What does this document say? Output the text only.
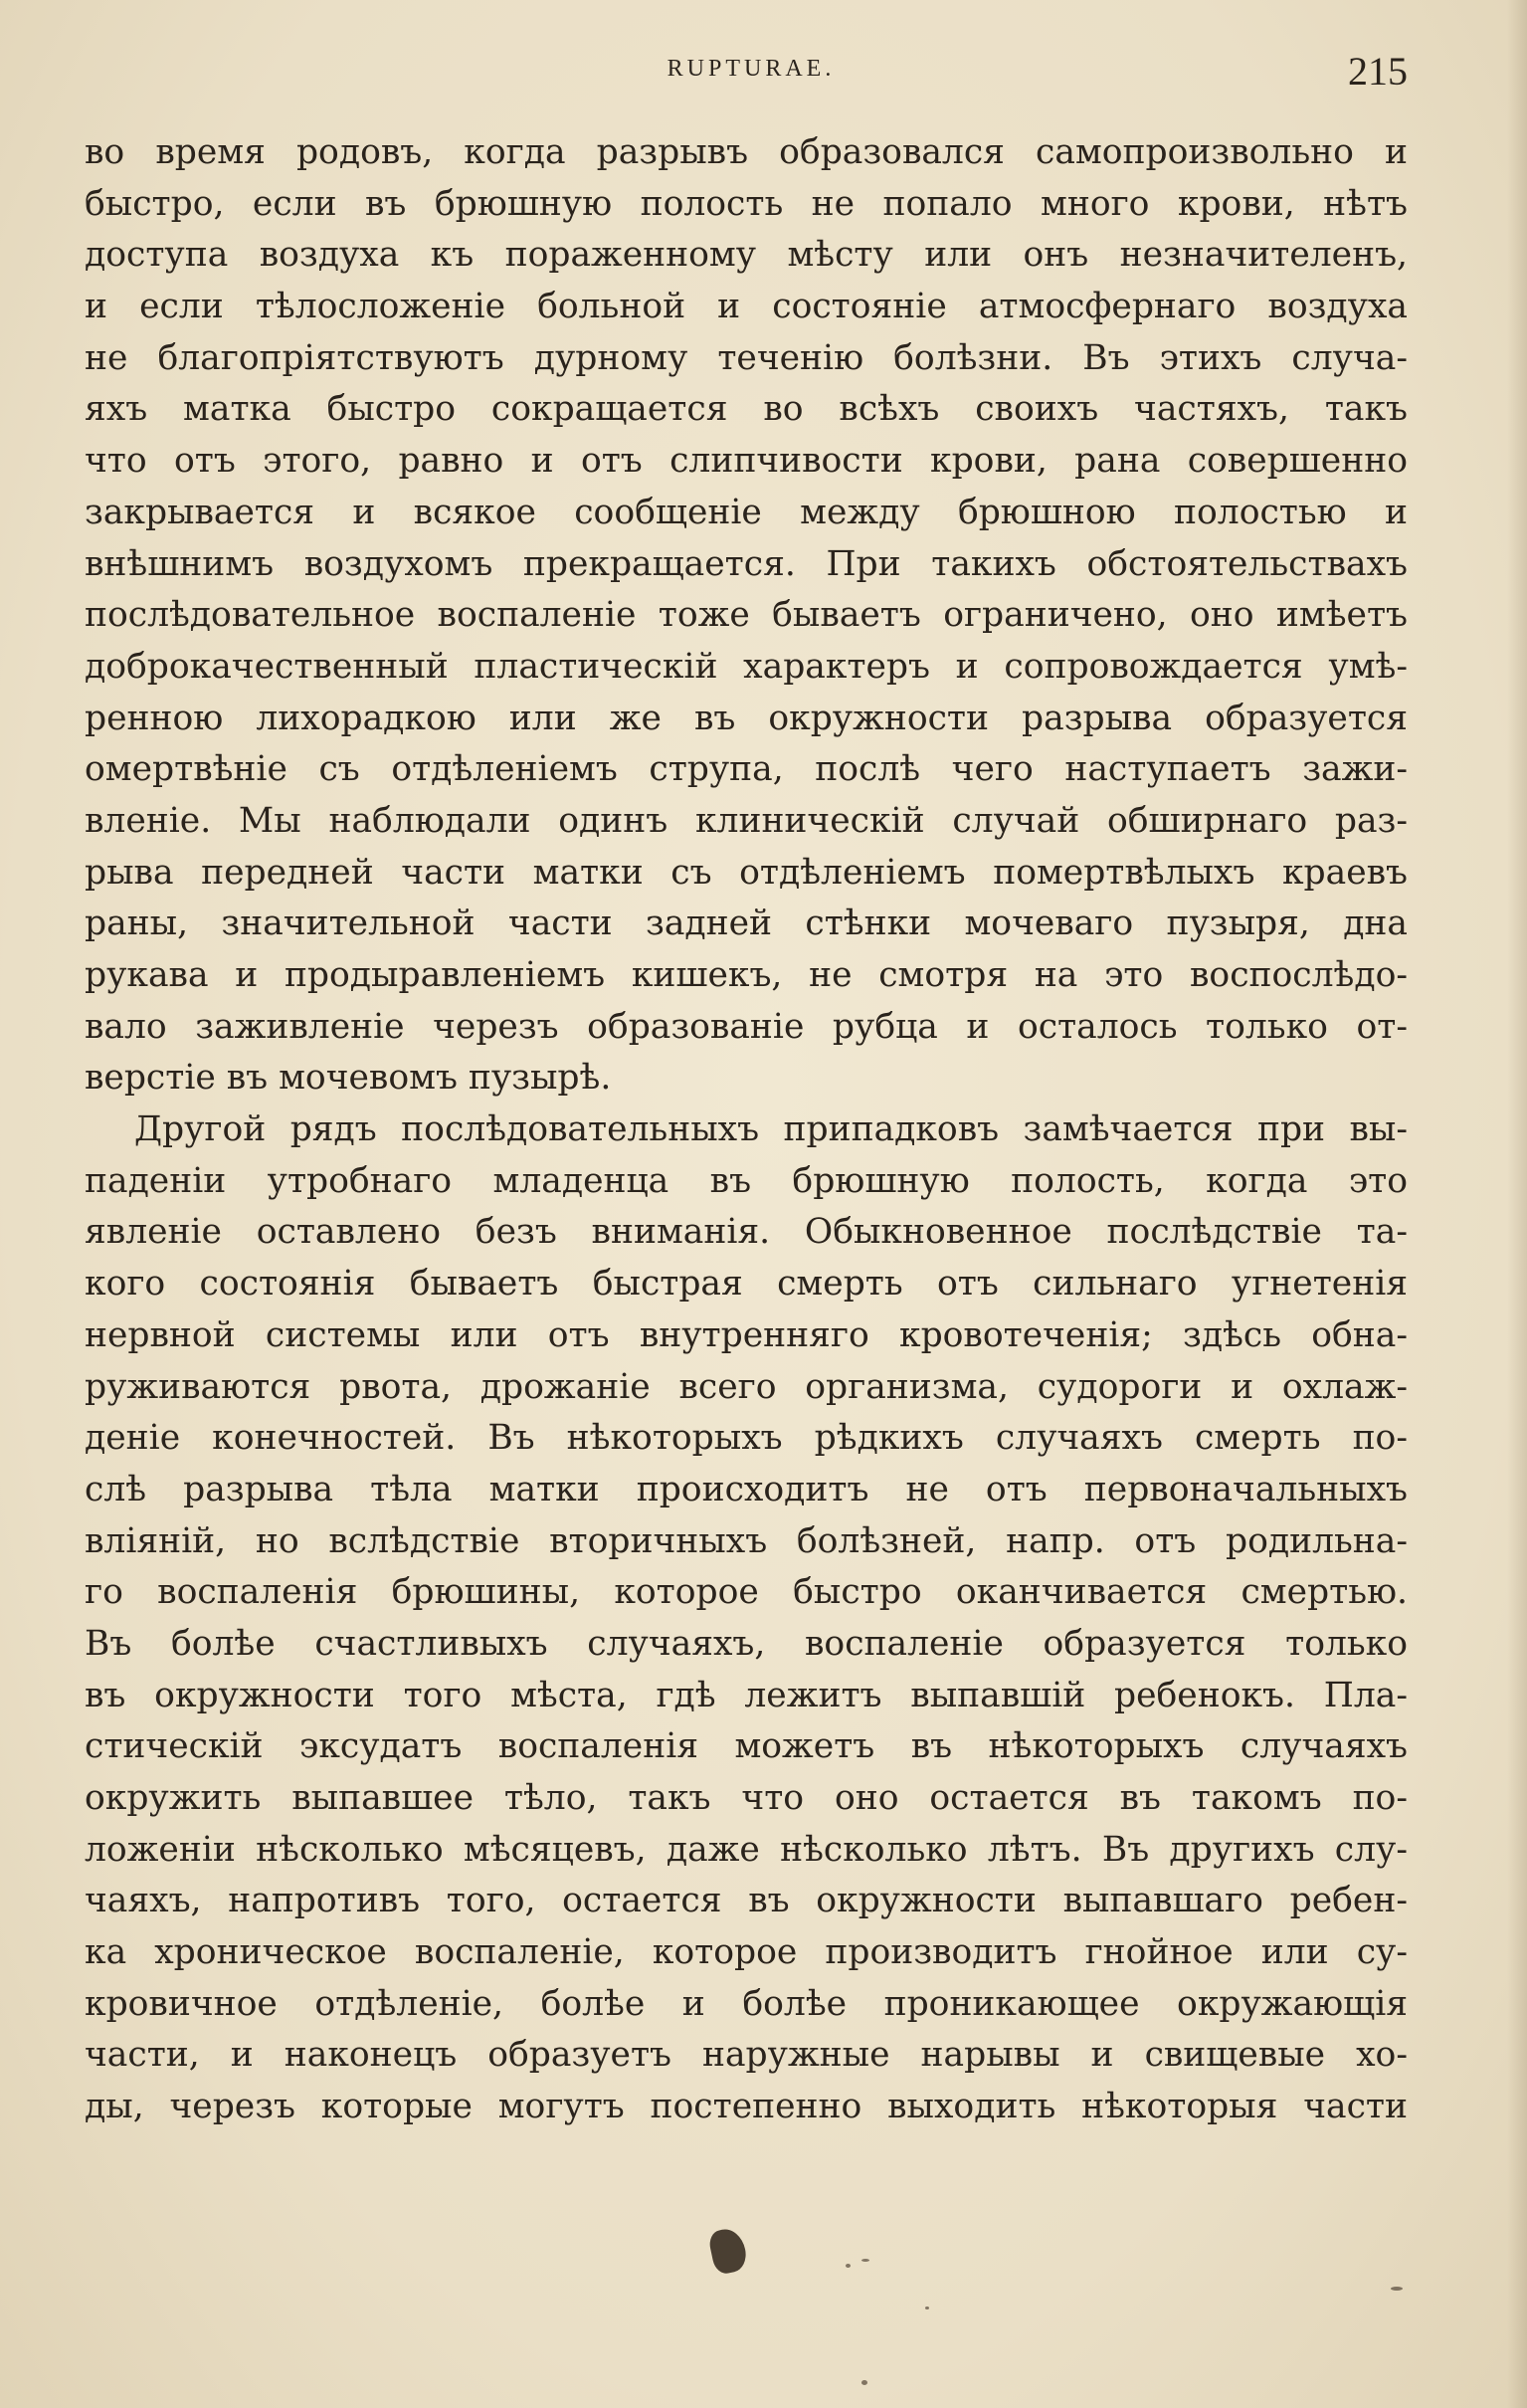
RUPTURAE.	215
во время родовъ, когда разрывъ образовался самопроизвольно и
быстро, если въ брюшную полость не попало много крови, нѣтъ
доступа воздуха къ пораженному мѣсту или онъ незначителенъ,
и если тѣлосложеніе больной и состояніе атмосфернаго воздуха
не благопріятствуютъ дурному теченію болѣзни. Въ этихъ случа-
яхъ матка быстро сокращается во всѣхъ своихъ частяхъ, такъ
что отъ этого, равно и отъ слипчивости крови, рана совершенно
закрывается и всякое сообщеніе между брюшною полостью и
внѣшнимъ воздухомъ прекращается. При такихъ обстоятельствахъ
послѣдовательное воспаленіе тоже бываетъ ограничено, оно имѣетъ
доброкачественный пластическій характеръ и сопровождается умѣ-
ренною лихорадкою или же въ окружности разрыва образуется
омертвѣніе съ отдѣленіемъ струпа, послѣ чего наступаетъ зажи-
вленіе. Мы наблюдали одинъ клиническій случай обширнаго раз-
рыва передней части матки съ отдѣленіемъ помертвѣлыхъ краевъ
раны, значительной части задней стѣнки мочеваго пузыря, дна
рукава и продыравленіемъ кишекъ, не смотря на это воспослѣдо-
вало заживленіе черезъ образованіе рубца и осталось только от-
верстіе въ мочевомъ пузырѣ.
Другой рядъ послѣдовательныхъ припадковъ замѣчается при вы-
паденіи утробнаго младенца въ брюшную полость, когда это
явленіе оставлено безъ вниманія. Обыкновенное послѣдствіе та-
кого состоянія бываетъ быстрая смерть отъ сильнаго угнетенія
нервной системы или отъ внутренняго кровотеченія; здѣсь обна-
руживаются рвота, дрожаніе всего организма, судороги и охлаж-
деніе конечностей. Въ нѣкоторыхъ рѣдкихъ случаяхъ смерть по-
слѣ разрыва тѣла матки происходитъ не отъ первоначальныхъ
вліяній, но вслѣдствіе вторичныхъ болѣзней, напр. отъ родильна-
го воспаленія брюшины, которое быстро оканчивается смертью.
Въ болѣе счастливыхъ случаяхъ, воспаленіе образуется только
въ окружности того мѣста, гдѣ лежитъ выпавшій ребенокъ. Пла-
стическій эксудатъ воспаленія можетъ въ нѣкоторыхъ случаяхъ
окружить выпавшее тѣло, такъ что оно остается въ такомъ по-
ложеніи нѣсколько мѣсяцевъ, даже нѣсколько лѣтъ. Въ другихъ слу-
чаяхъ, напротивъ того, остается въ окружности выпавшаго ребен-
ка хроническое воспаленіе, которое производитъ гнойное или су-
кровичное отдѣленіе, болѣе и болѣе проникающее окружающія
части, и наконецъ образуетъ наружные нарывы и свищевые хо-
ды, черезъ которые могутъ постепенно выходить нѣкоторыя части
